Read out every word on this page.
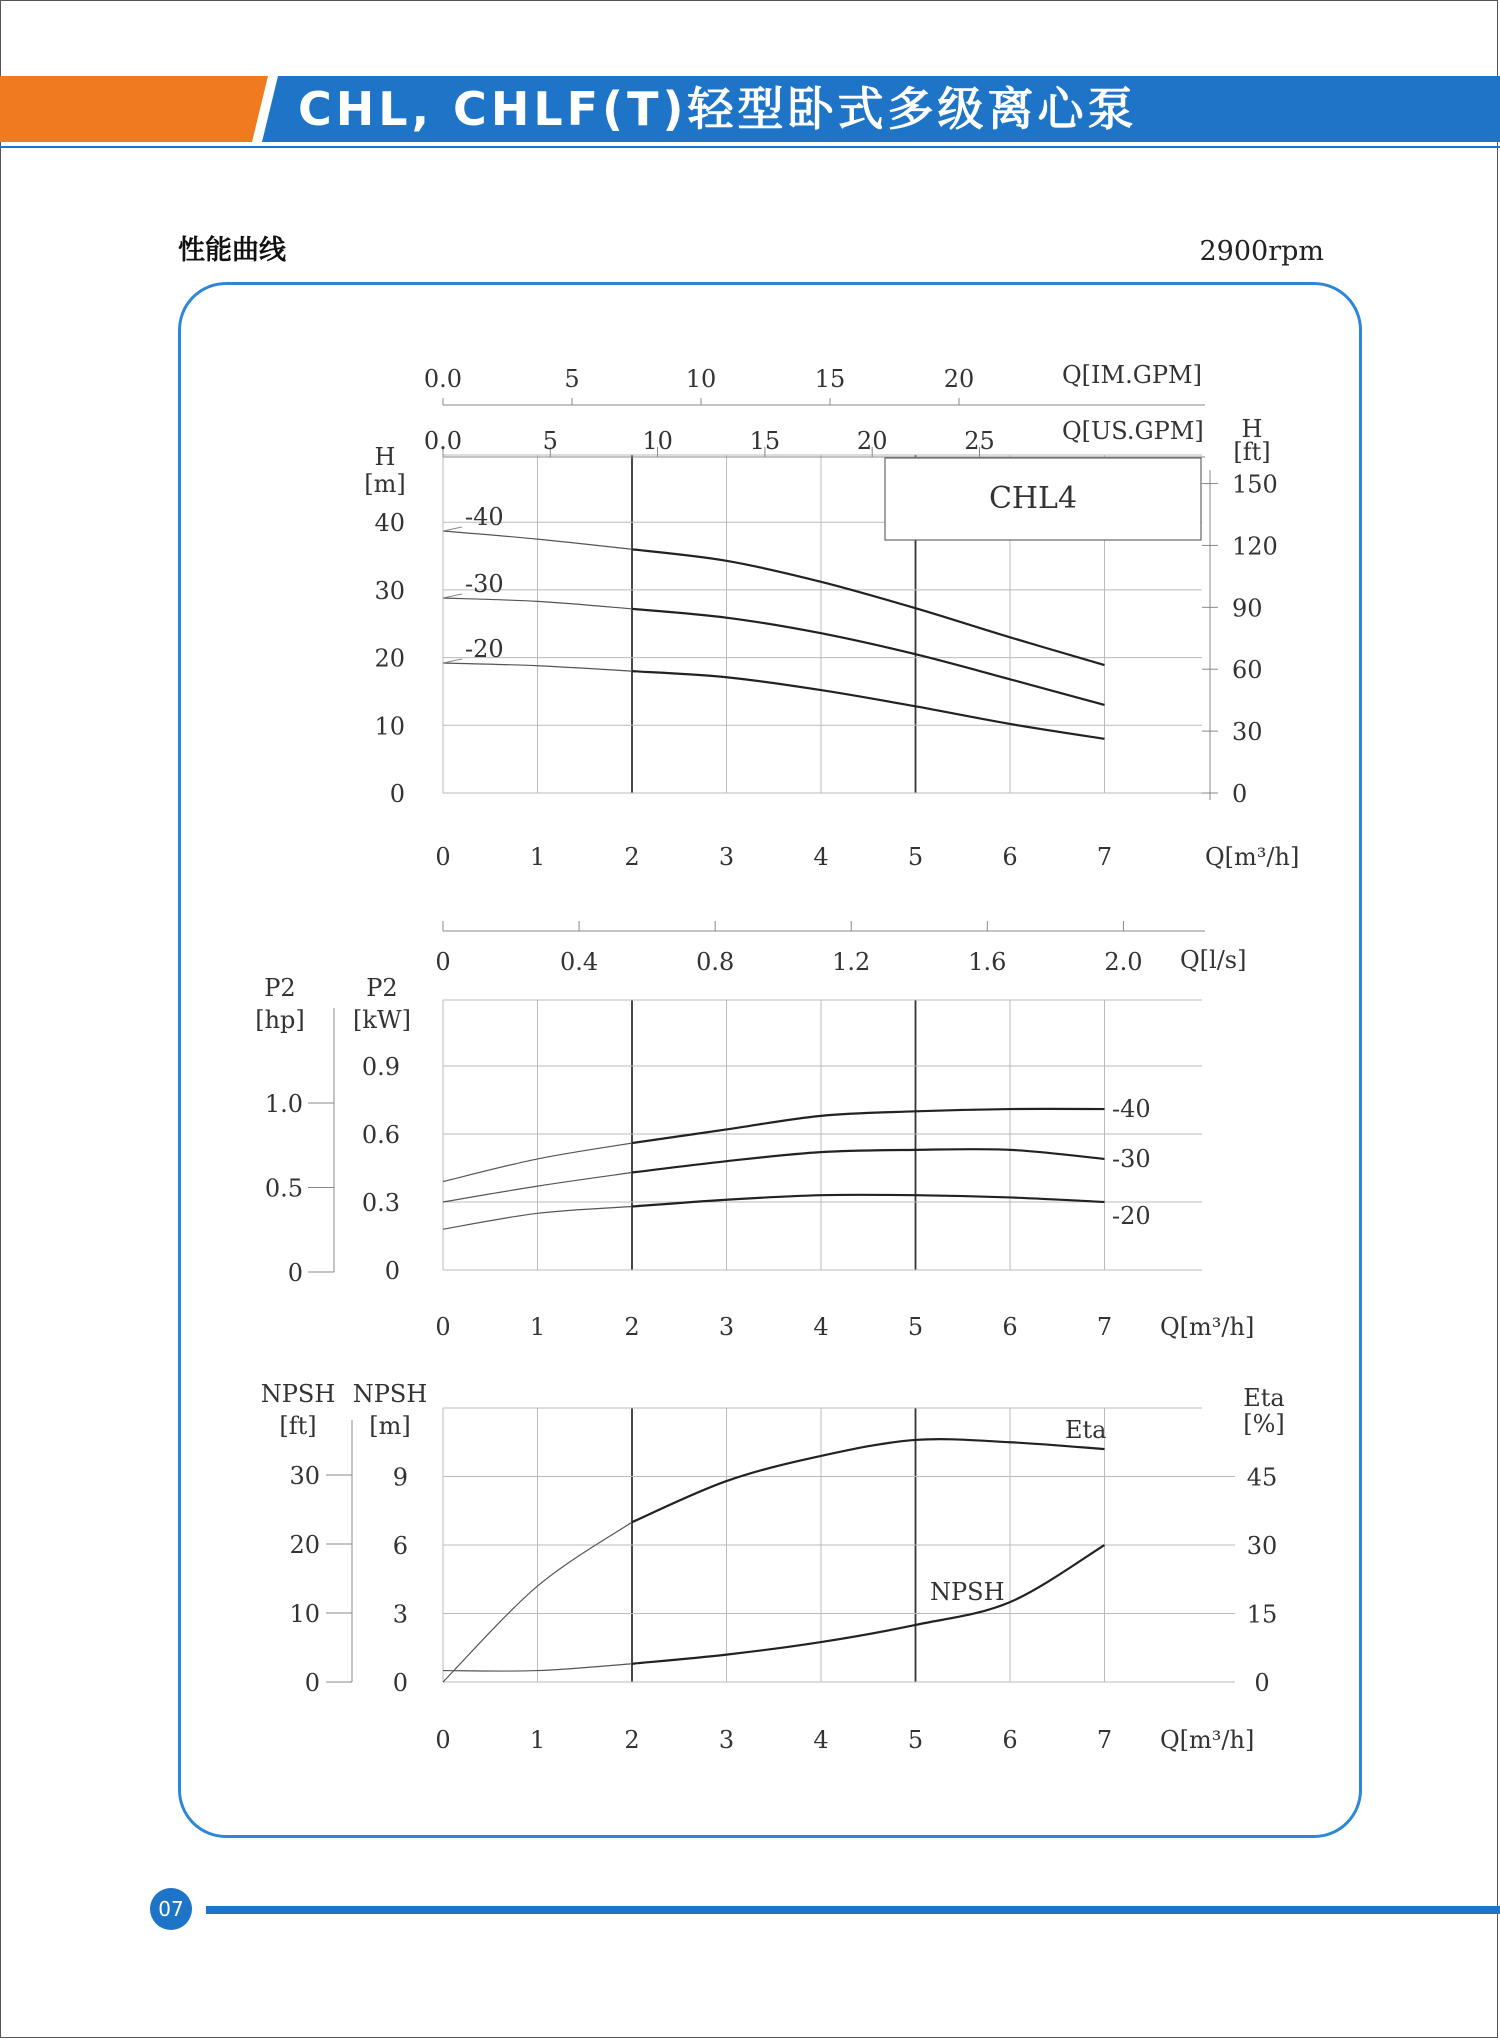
CHL, CHLF(T)轻型卧式多级离心泵
性能曲线	2900rpm
0
10
20
30
40
H
[m]
0
30
60
90
120
150
H
[ft]
0	1	2	3	4	5	6	7	Q[m³/h]
0.0	5	10	15	20	25	Q[US.GPM]
0.0	5	10	15	20	Q[IM.GPM]
CHL4
-40
-30
-20
0
0.3
0.6
0.9
P2
[kW]
0
0.5
1.0
P2
[hp]
0	0.4	0.8	1.2	1.6	2.0 Q[l/s]
0	1	2	3	4	5	6	7 Q[m³/h]
-40
-30
-20
0
3
6
9
NPSH
[m]
0
10
20
30
NPSH
[ft]
0
15
30
45
Eta
[%]
0	1	2	3	4	5	6	7 Q[m³/h]
Eta
NPSH
07
